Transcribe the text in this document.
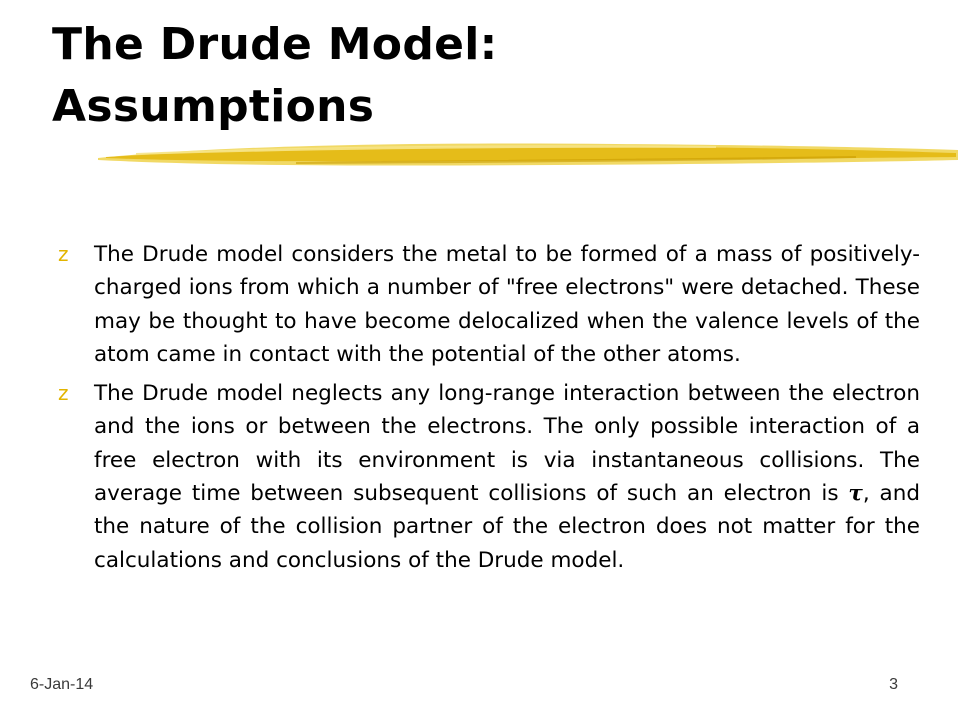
The Drude Model:
Assumptions
z	The Drude model considers the metal to be formed of a mass of positively-charged ions from which a number of "free electrons" were detached. These may be thought to have become delocalized when the valence levels of the atom came in contact with the potential of the other atoms.
z	The Drude model neglects any long-range interaction between the electron and the ions or between the electrons. The only possible interaction of a free electron with its environment is via instantaneous collisions. The average time between subsequent collisions of such an electron is τ, and the nature of the collision partner of the electron does not matter for the calculations and conclusions of the Drude model.
6-Jan-14	3
